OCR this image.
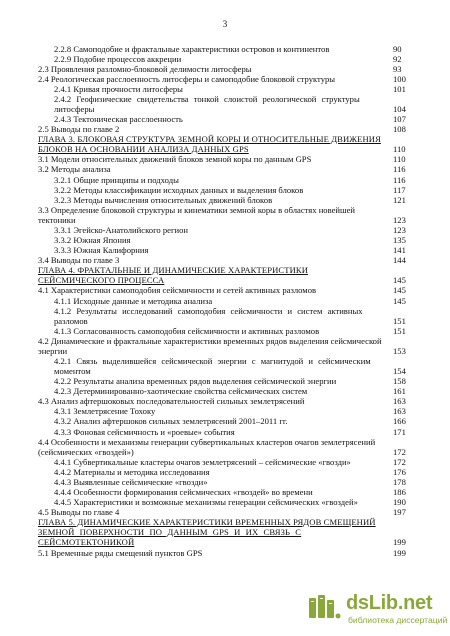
3
2.2.8 Самоподобие и фрактальные характеристики островов и континентов	90
2.2.9 Подобие процессов аккреции	92
2.3 Проявления разломно-блоковой делимости литосферы	93
2.4 Реологическая расслоенность литосферы и самоподобие блоковой структуры	100
2.4.1 Кривая прочности литосферы	101
2.4.2 Геофизические свидетельства тонкой слоистой реологической структуры
литосферы	104
2.4.3 Тектоническая расслоенность	107
2.5 Выводы по главе 2	108
ГЛАВА 3. БЛОКОВАЯ СТРУКТУРА ЗЕМНОЙ КОРЫ И ОТНОСИТЕЛЬНЫЕ ДВИЖЕНИЯ
БЛОКОВ НА ОСНОВАНИИ АНАЛИЗА ДАННЫХ GPS	110
3.1 Модели относительных движений блоков земной коры по данным GPS	110
3.2 Методы анализа	116
3.2.1 Общие принципы и подходы	116
3.2.2 Методы классификации исходных данных и выделения блоков	117
3.2.3 Методы вычисления относительных движений блоков	121
3.3 Определение блоковой структуры и кинематики земной коры в областях новейшей
тектоники	123
3.3.1 Эгейско-Анатолийского регион	123
3.3.2 Южная Япония	135
3.3.3 Южная Калифорния	141
3.4 Выводы по главе 3	144
ГЛАВА 4. ФРАКТАЛЬНЫЕ И ДИНАМИЧЕСКИЕ ХАРАКТЕРИСТИКИ
СЕЙСМИЧЕСКОГО ПРОЦЕССА	145
4.1 Характеристики самоподобия сейсмичности и сетей активных разломов	145
4.1.1 Исходные данные и методика анализа	145
4.1.2 Результаты исследований самоподобия сейсмичности и систем активных
разломов	151
4.1.3 Согласованность самоподобия сейсмичности и активных разломов	151
4.2 Динамические и фрактальные характеристики временных рядов выделения сейсмической
энергии	153
4.2.1 Связь выделившейся сейсмической энергии с магнитудой и сейсмическим
моментом	154
4.2.2 Результаты анализа временных рядов выделения сейсмической энергии	158
4.2.3 Детерминированно-хаотические свойства сейсмических систем	161
4.3 Анализ афтершоковых последовательностей сильных землетрясений	163
4.3.1 Землетрясение Тохоку	163
4.3.2 Анализ афтершоков сильных землетрясений 2001–2011 гг.	166
4.3.3 Фоновая сейсмичность и «роевые» события	171
4.4 Особенности и механизмы генерации субвертикальных кластеров очагов землетрясений
(сейсмических «гвоздей»)	172
4.4.1 Субвертикальные кластеры очагов землетрясений – сейсмические «гвозди»	172
4.4.2 Материалы и методика исследования	176
4.4.3 Выявленные сейсмические «гвозди»	178
4.4.4 Особенности формирования сейсмических «гвоздей» во времени	186
4.4.5 Характеристики и возможные механизмы генерации сейсмических «гвоздей»	190
4.5 Выводы по главе 4	197
ГЛАВА 5. ДИНАМИЧЕСКИЕ ХАРАКТЕРИСТИКИ ВРЕМЕННЫХ РЯДОВ СМЕЩЕНИЙ
ЗЕМНОЙ ПОВЕРХНОСТИ ПО ДАННЫМ GPS И ИХ СВЯЗЬ С
СЕЙСМОТЕКТОНИКОЙ	199
5.1 Временные ряды смещений пунктов GPS	199
dsLib.net
библиотека диссертаций
